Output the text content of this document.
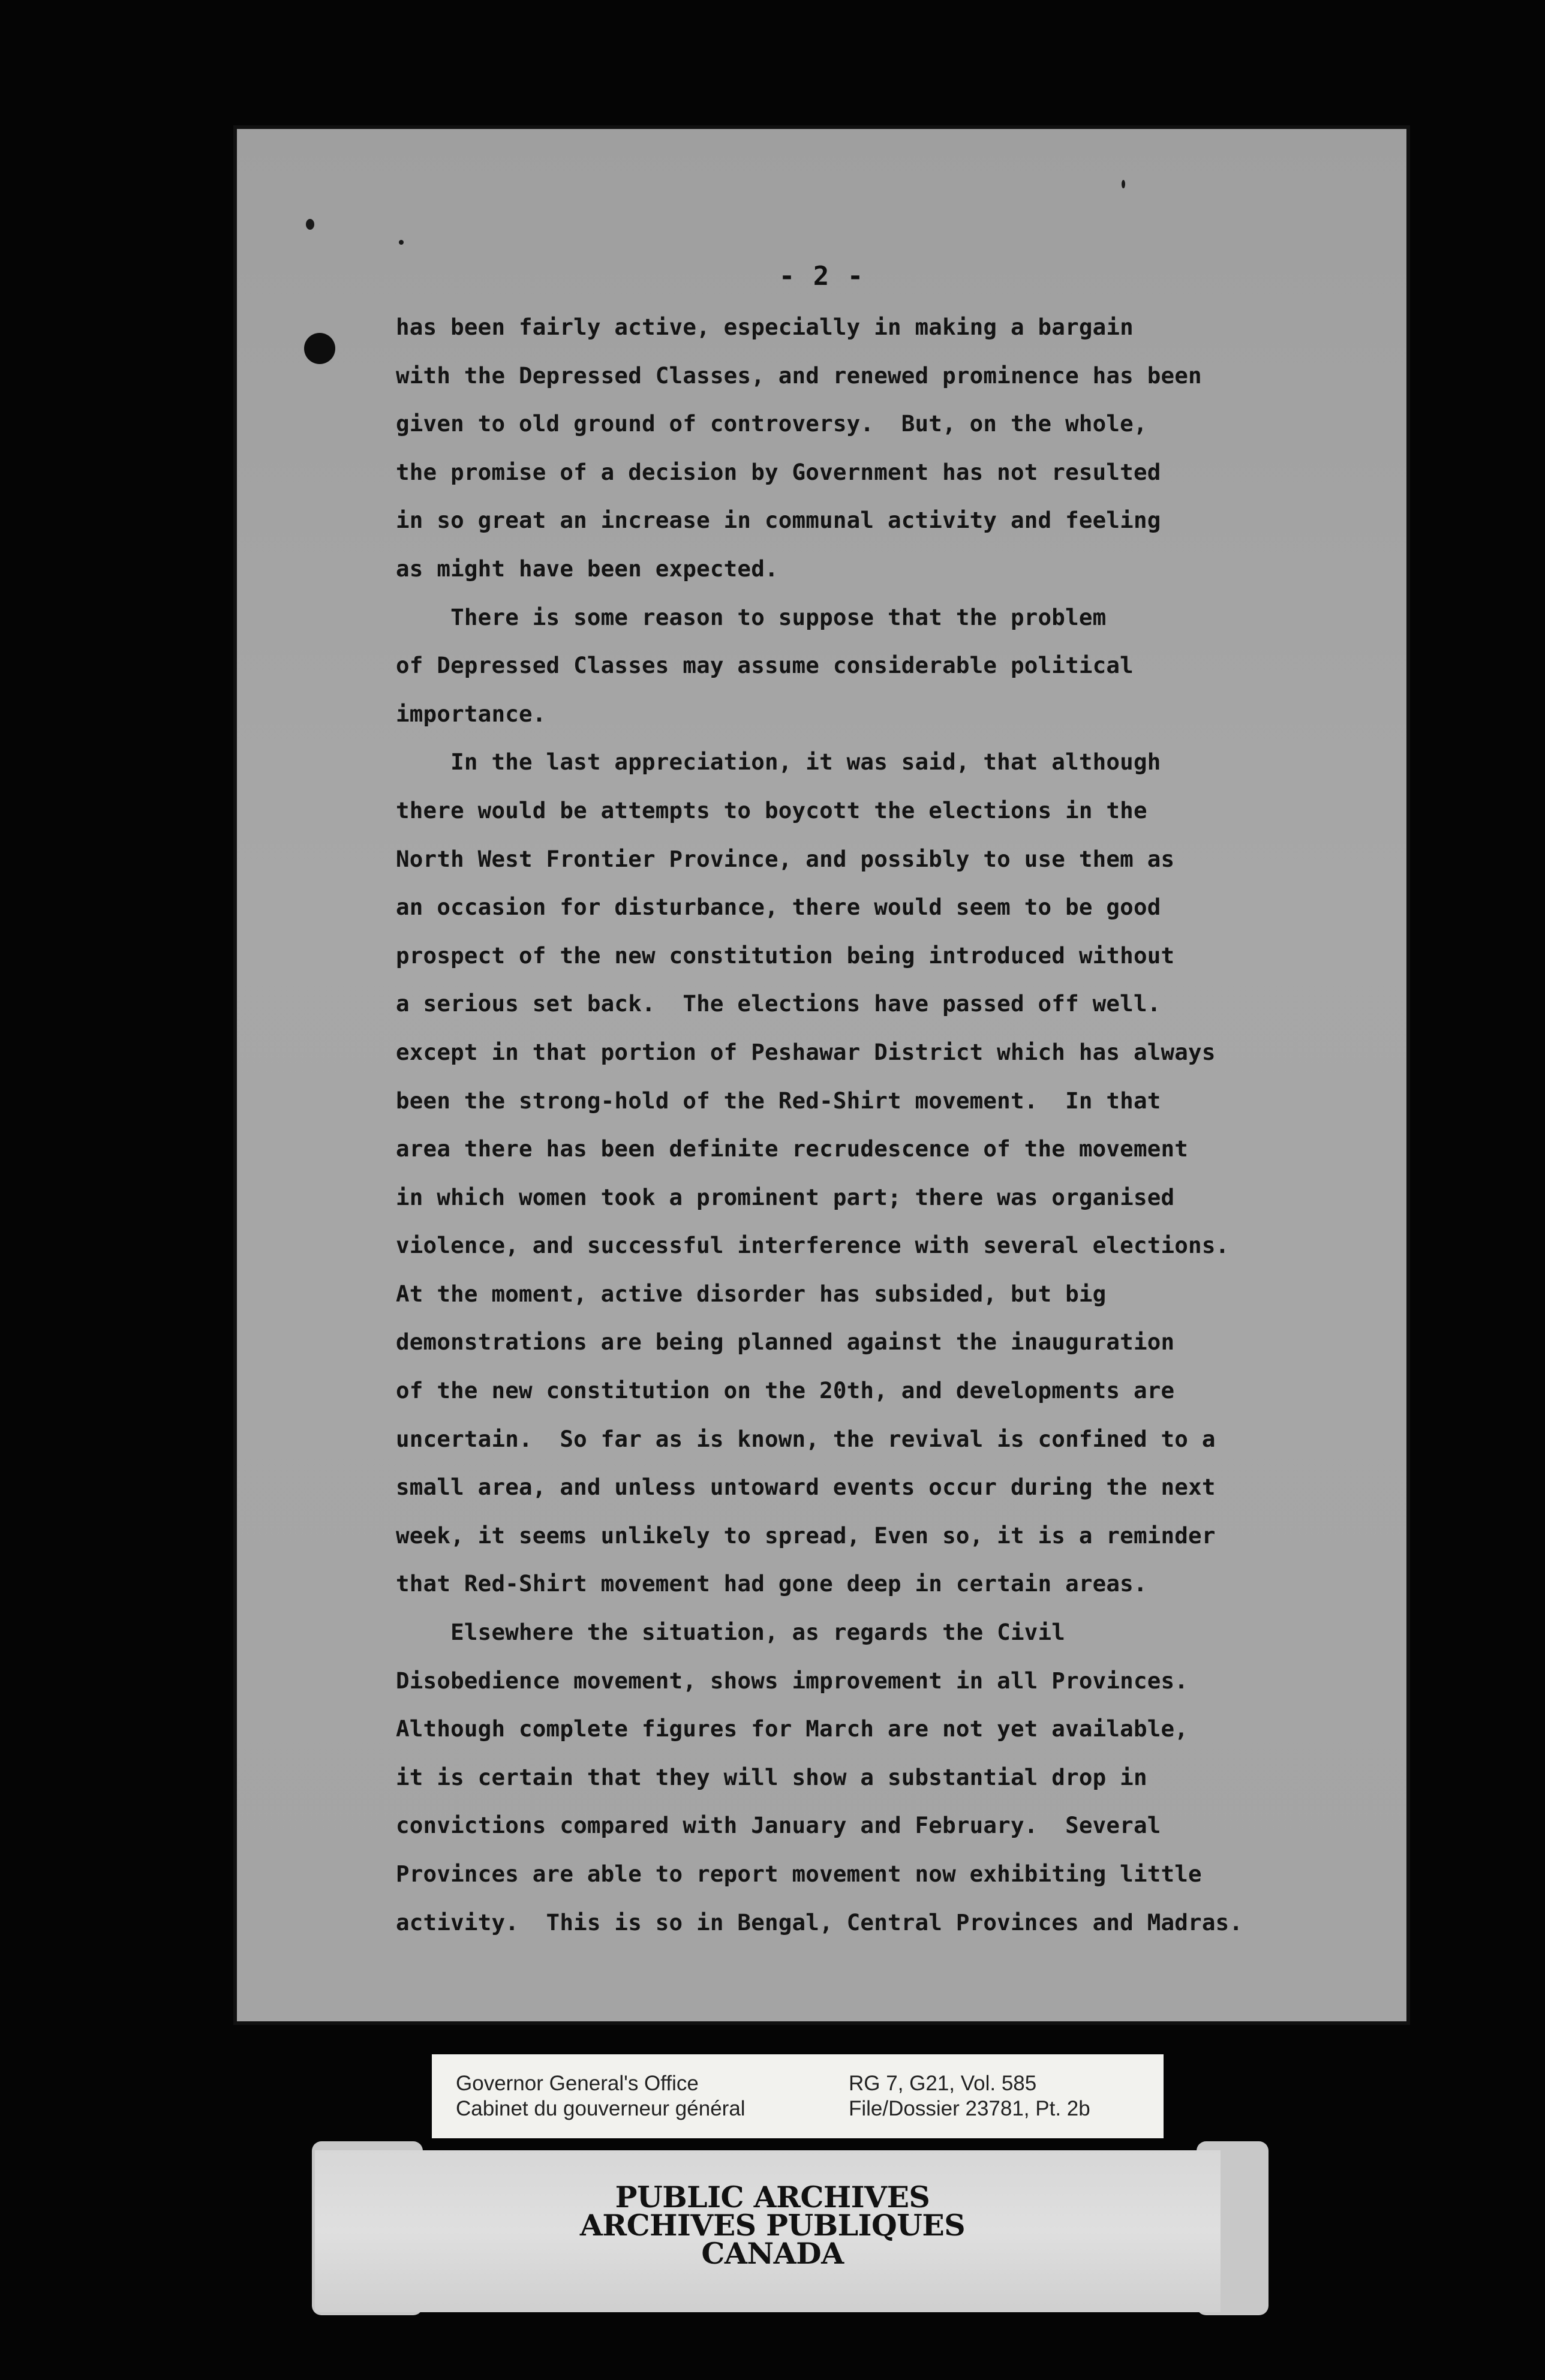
- 2 -
has been fairly active, especially in making a bargain
with the Depressed Classes, and renewed prominence has been
given to old ground of controversy.  But, on the whole,
the promise of a decision by Government has not resulted
in so great an increase in communal activity and feeling
as might have been expected.
There is some reason to suppose that the problem
of Depressed Classes may assume considerable political
importance.
In the last appreciation, it was said, that although
there would be attempts to boycott the elections in the
North West Frontier Province, and possibly to use them as
an occasion for disturbance, there would seem to be good
prospect of the new constitution being introduced without
a serious set back.  The elections have passed off well.
except in that portion of Peshawar District which has always
been the strong-hold of the Red-Shirt movement.  In that
area there has been definite recrudescence of the movement
in which women took a prominent part; there was organised
violence, and successful interference with several elections.
At the moment, active disorder has subsided, but big
demonstrations are being planned against the inauguration
of the new constitution on the 20th, and developments are
uncertain.  So far as is known, the revival is confined to a
small area, and unless untoward events occur during the next
week, it seems unlikely to spread, Even so, it is a reminder
that Red-Shirt movement had gone deep in certain areas.
Elsewhere the situation, as regards the Civil
Disobedience movement, shows improvement in all Provinces.
Although complete figures for March are not yet available,
it is certain that they will show a substantial drop in
convictions compared with January and February.  Several
Provinces are able to report movement now exhibiting little
activity.  This is so in Bengal, Central Provinces and Madras.
Governor General's Office
Cabinet du gouverneur général
RG 7, G21, Vol. 585
File/Dossier 23781, Pt. 2b
PUBLIC ARCHIVES
ARCHIVES PUBLIQUES
CANADA
